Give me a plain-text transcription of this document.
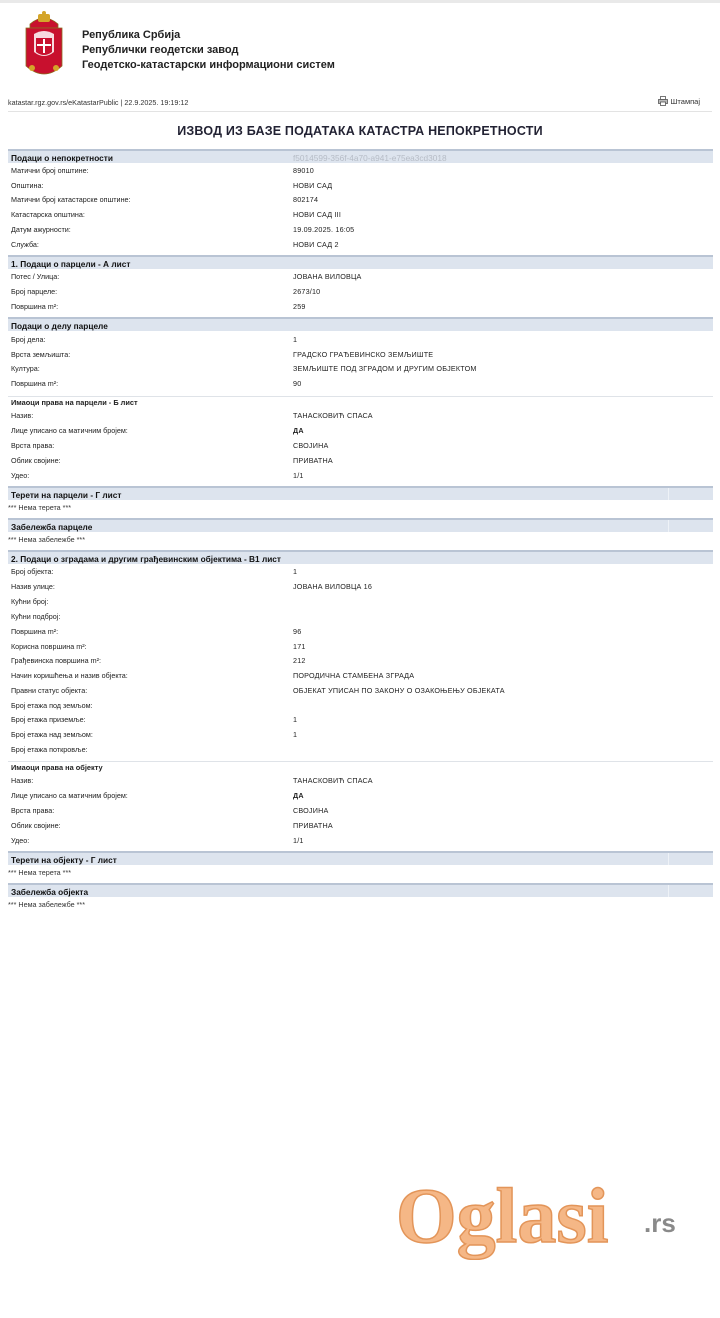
Република Србија
Републички геодетски завод
Геодетско-катастарски информациони систем
katastar.rgz.gov.rs/eKatastarPublic | 22.9.2025. 19:19:12	Штампај
ИЗВОД ИЗ БАЗЕ ПОДАТАКА КАТАСТРА НЕПОКРЕТНОСТИ
Подаци о непокретности	f5014599-356f-4a70-a941-e75ea3cd3018
Матични број општине:	89010
Општина:	НОВИ САД
Матични број катастарске општине:	802174
Катастарска општина:	НОВИ САД III
Датум ажурности:	19.09.2025. 16:05
Служба:	НОВИ САД 2
1. Подаци о парцели - А лист
Потес / Улица:	ЈОВАНА ВИЛОВЦА
Број парцеле:	2673/10
Површина m²:	259
Подаци о делу парцеле
Број дела:	1
Врста земљишта:	ГРАДСКО ГРАЂЕВИНСКО ЗЕМЉИШТЕ
Култура:	ЗЕМЉИШТЕ ПОД ЗГРАДОМ И ДРУГИМ ОБЈЕКТОМ
Површина m²:	90
Имаоци права на парцели - Б лист
Назив:	ТАНАСКОВИЋ СПАСА
Лице уписано са матичним бројем:	ДА
Врста права:	СВОЈИНА
Облик својине:	ПРИВАТНА
Удео:	1/1
Терети на парцели - Г лист
*** Нема терета ***
Забележба парцеле
*** Нема забележбе ***
2. Подаци о зградама и другим грађевинским објектима - В1 лист
Број објекта:	1
Назив улице:	ЈОВАНА ВИЛОВЦА 16
Кућни број:
Кућни подброј:
Површина m²:	96
Корисна површина m²:	171
Грађевинска површина m²:	212
Начин коришћења и назив објекта:	ПОРОДИЧНА СТАМБЕНА ЗГРАДА
Правни статус објекта:	ОБЈЕКАТ УПИСАН ПО ЗАКОНУ О ОЗАКОЊЕЊУ ОБЈЕКАТА
Број етажа под земљом:
Број етажа приземље:	1
Број етажа над земљом:	1
Број етажа поткровље:
Имаоци права на објекту
Назив:	ТАНАСКОВИЋ СПАСА
Лице уписано са матичним бројем:	ДА
Врста права:	СВОЈИНА
Облик својине:	ПРИВАТНА
Удео:	1/1
Терети на објекту - Г лист
*** Нема терета ***
Забележба објекта
*** Нема забележбе ***
Oglasi .rs
